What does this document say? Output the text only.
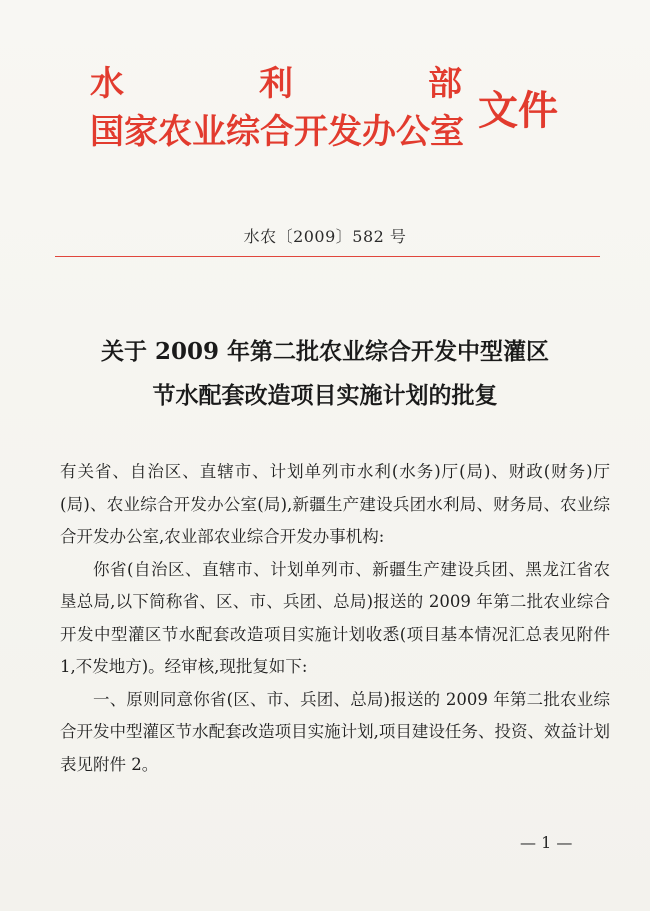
水	利	部
国家农业综合开发办公室 文件
水农〔2009〕582 号
关于 2009 年第二批农业综合开发中型灌区
节水配套改造项目实施计划的批复

有关省、自治区、直辖市、计划单列市水利(水务)厅(局)、财政(财务)厅(局)、农业综合开发办公室(局),新疆生产建设兵团水利局、财务局、农业综合开发办公室,农业部农业综合开发办事机构:

你省(自治区、直辖市、计划单列市、新疆生产建设兵团、黑龙江省农垦总局,以下简称省、区、市、兵团、总局)报送的 2009 年第二批农业综合开发中型灌区节水配套改造项目实施计划收悉(项目基本情况汇总表见附件 1,不发地方)。经审核,现批复如下:

一、原则同意你省(区、市、兵团、总局)报送的 2009 年第二批农业综合开发中型灌区节水配套改造项目实施计划,项目建设任务、投资、效益计划表见附件 2。

— 1 —
